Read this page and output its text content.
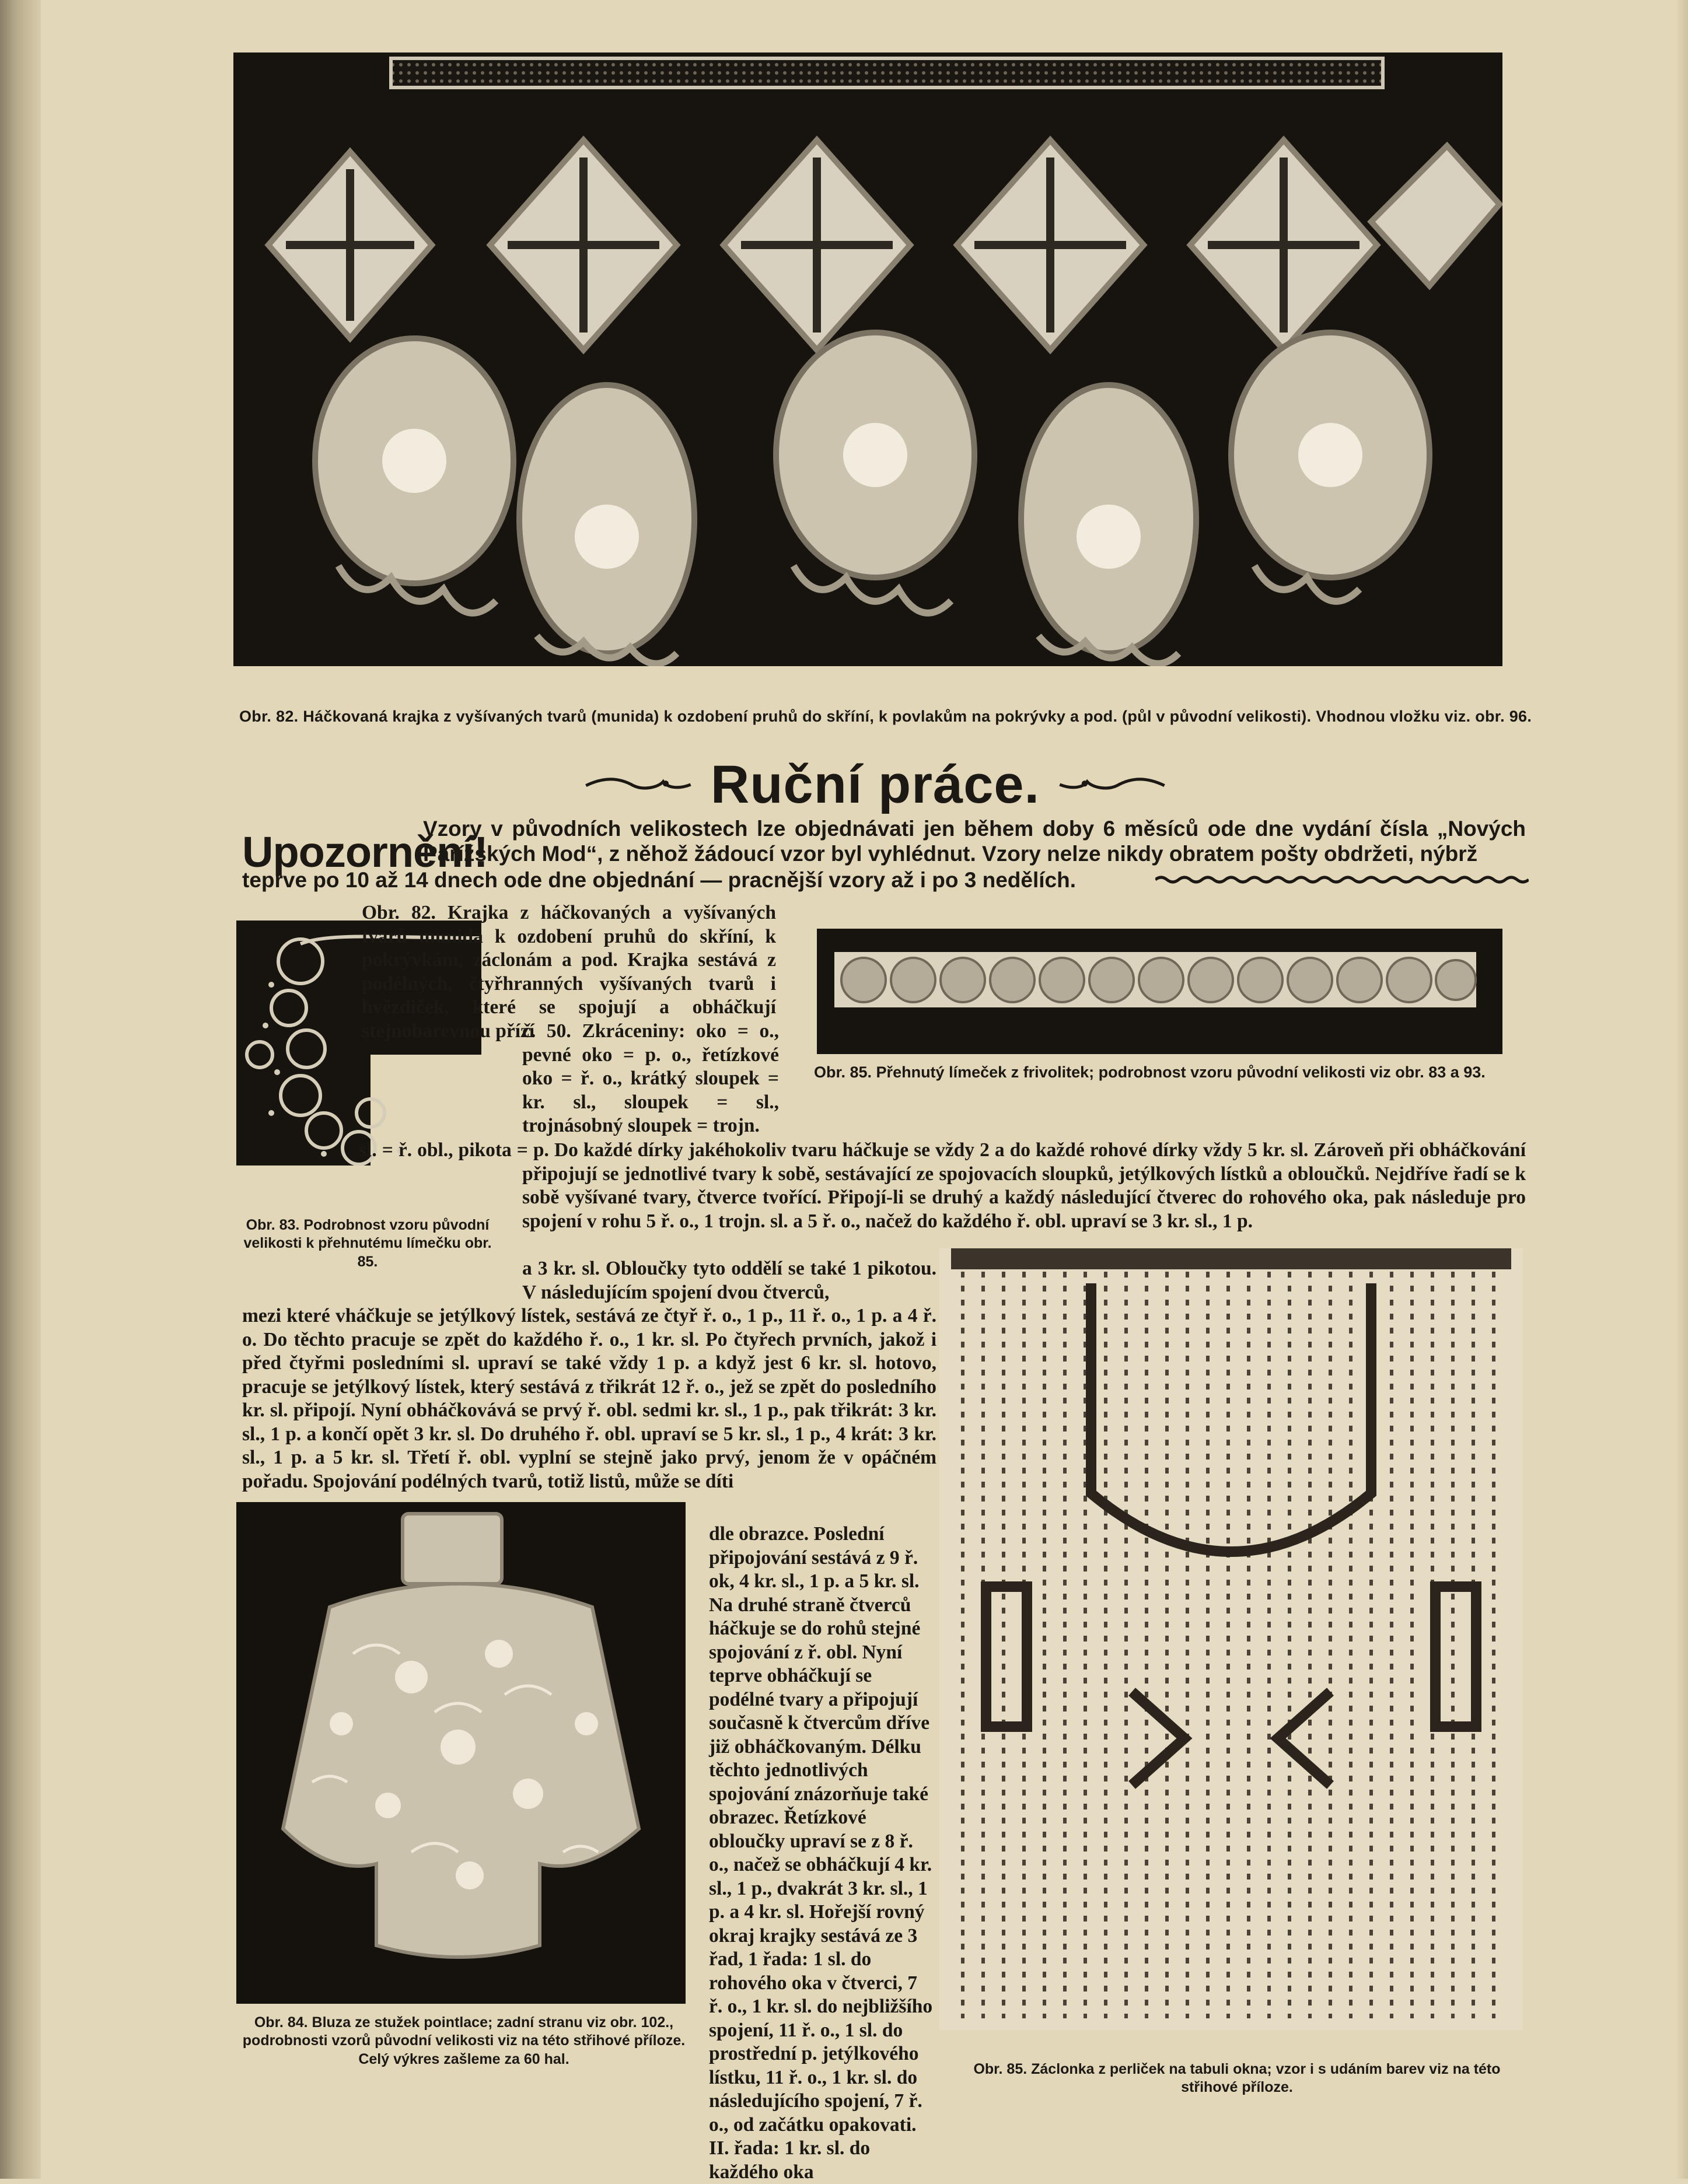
Obr. 82. Háčkovaná krajka z vyšívaných tvarů (munida) k ozdobení pruhů do skříní, k povlakům na pokrývky a pod. (půl v původní velikosti). Vhodnou vložku viz. obr. 96.
Ruční práce.
Upozornění!
Vzory v původních velikostech lze objednávati jen během doby 6 měsíců ode dne vydání čísla „Nových Pařížských Mod“, z něhož žádoucí vzor byl vyhlédnut. Vzory nelze nikdy obratem pošty obdržeti, nýbrž
teprve po 10 až 14 dnech ode dne objednání — pracnější vzory až i po 3 nedělích.
Obr. 83. Podrobnost vzoru původní velikosti k přehnutému límečku obr. 85.
Obr. 82. Krajka z háčkovaných a vyšívaných tvarů munida k ozdobení pruhů do skříní, k pokrývkám, záclonám a pod. Krajka sestává z podélných, čtyřhranných vyšívaných tvarů i hvězdiček, které se spojují a obháčkují stejnobarevnou přízí
č. 50. Zkráceniny: oko = o., pevné oko = p. o., řetízkové oko = ř. o., krátký sloupek = kr. sl., sloupek = sl., trojnásobný sloupek = trojn.
Obr. 85. Přehnutý límeček z frivolitek; podrobnost vzoru původní velikosti viz obr. 83 a 93.
sl. = ř. obl., pikota = p. Do každé dírky jakéhokoliv tvaru háčkuje se vždy 2 a do každé rohové dírky vždy 5 kr. sl. Zároveň při obháčkování připojují se jednotlivé tvary k sobě, sestávající ze spojovacích sloupků, jetýlkových lístků a obloučků. Nejdříve řadí se k sobě vyšívané tvary, čtverce tvořící. Připojí-li se druhý a každý následující čtverec do rohového oka, pak následuje pro spojení v rohu 5 ř. o., 1 trojn. sl. a 5 ř. o., načež do každého ř. obl. upraví se 3 kr. sl., 1 p.
a 3 kr. sl. Obloučky tyto oddělí se také 1 pikotou. V následujícím spojení dvou čtverců,
Obr. 85. Záclonka z perliček na tabuli okna; vzor i s udáním barev viz na této střihové příloze.
mezi které vháčkuje se jetýlkový lístek, sestává ze čtyř ř. o., 1 p., 11 ř. o., 1 p. a 4 ř. o. Do těchto pracuje se zpět do každého ř. o., 1 kr. sl. Po čtyřech prvních, jakož i před čtyřmi posledními sl. upraví se také vždy 1 p. a když jest 6 kr. sl. hotovo, pracuje se jetýlkový lístek, který sestává z třikrát 12 ř. o., jež se zpět do posledního kr. sl. připojí. Nyní obháčkovává se prvý ř. obl. sedmi kr. sl., 1 p., pak třikrát: 3 kr. sl., 1 p. a končí opět 3 kr. sl. Do druhého ř. obl. upraví se 5 kr. sl., 1 p., 4 krát: 3 kr. sl., 1 p. a 5 kr. sl. Třetí ř. obl. vyplní se stejně jako prvý, jenom že v opáčném pořadu. Spojování podélných tvarů, totiž listů, může se díti
Obr. 84. Bluza ze stužek pointlace; zadní stranu viz obr. 102., podrobnosti vzorů původní velikosti viz na této střihové příloze. Celý výkres zašleme za 60 hal.
dle obrazce. Poslední připojování sestává z 9 ř. ok, 4 kr. sl., 1 p. a 5 kr. sl. Na druhé straně čtverců háčkuje se do rohů stejné spojování z ř. obl. Nyní teprve obháčkují se podélné tvary a připojují současně k čtvercům dříve již obháčkovaným. Délku těchto jednotlivých spojování znázorňuje také obrazec. Řetízkové obloučky upraví se z 8 ř. o., načež se obháčkují 4 kr. sl., 1 p., dvakrát 3 kr. sl., 1 p. a 4 kr. sl. Hořejší rovný okraj krajky sestává ze 3 řad, 1 řada: 1 sl. do rohového oka v čtverci, 7 ř. o., 1 kr. sl. do nejbližšího spojení, 11 ř. o., 1 sl. do prostřední p. jetýlkového lístku, 11 ř. o., 1 kr. sl. do následujícího spojení, 7 ř. o., od začátku opakovati. II. řada: 1 kr. sl. do každého oka
